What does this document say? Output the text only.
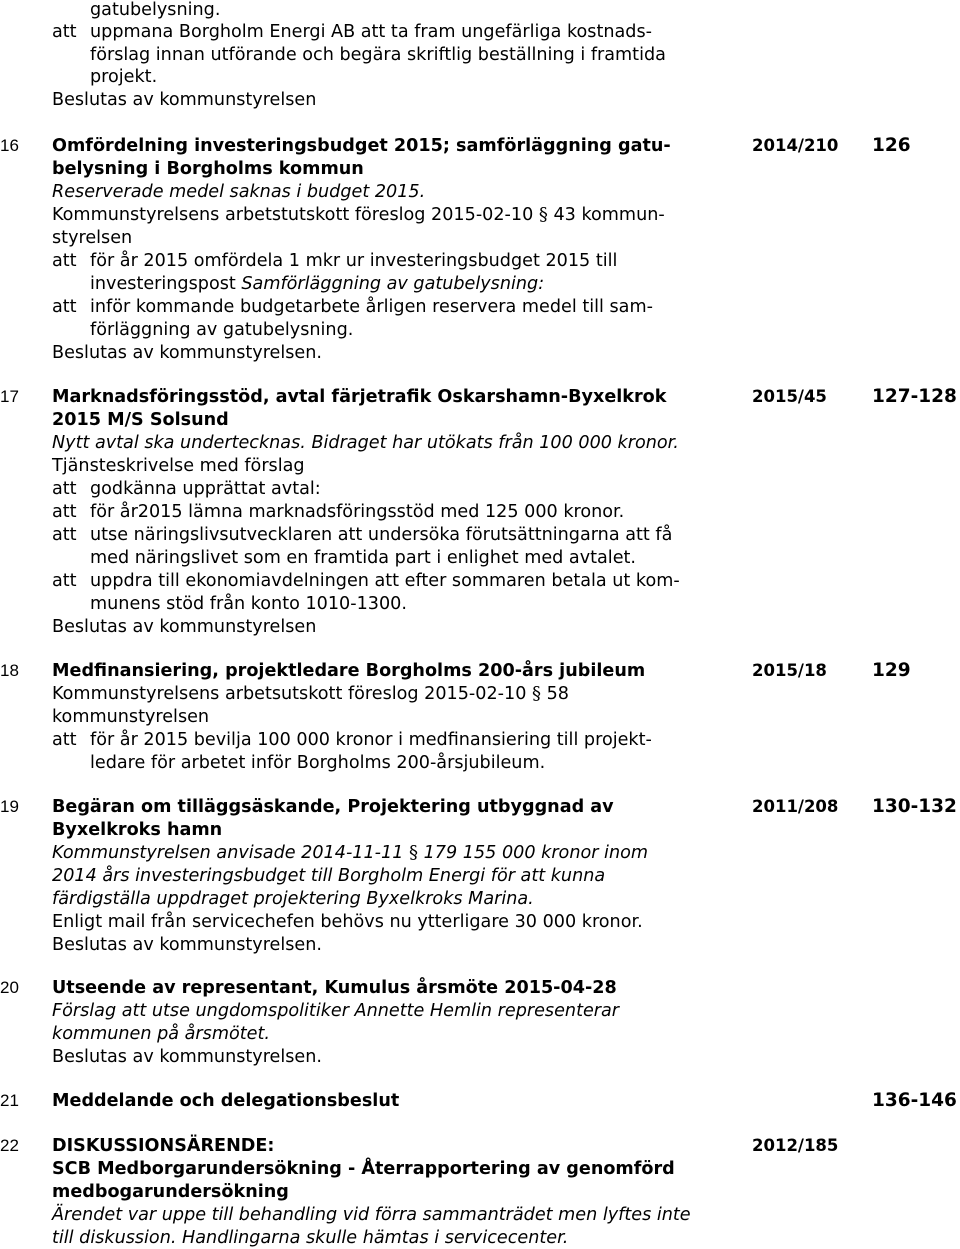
gatubelysning.
att uppmana Borgholm Energi AB att ta fram ungefärliga kostnads-
förslag innan utförande och begära skriftlig beställning i framtida
projekt.
Beslutas av kommunstyrelsen
16 Omfördelning investeringsbudget 2015; samförläggning gatu-
belysning i Borgholms kommun
2014/210 126
Reserverade medel saknas i budget 2015.
Kommunstyrelsens arbetstutskott föreslog 2015-02-10 § 43 kommun-
styrelsen
att för år 2015 omfördela 1 mkr ur investeringsbudget 2015 till
investeringspost Samförläggning av gatubelysning:
att inför kommande budgetarbete årligen reservera medel till sam-
förläggning av gatubelysning.
Beslutas av kommunstyrelsen.
17 Marknadsföringsstöd, avtal färjetrafik Oskarshamn-Byxelkrok
2015 M/S Solsund
2015/45 127-128
Nytt avtal ska undertecknas. Bidraget har utökats från 100 000 kronor.
Tjänsteskrivelse med förslag
att godkänna upprättat avtal:
att för år2015 lämna marknadsföringsstöd med 125 000 kronor.
att utse näringslivsutvecklaren att undersöka förutsättningarna att få
med näringslivet som en framtida part i enlighet med avtalet.
att uppdra till ekonomiavdelningen att efter sommaren betala ut kom-
munens stöd från konto 1010-1300.
Beslutas av kommunstyrelsen
18 Medfinansiering, projektledare Borgholms 200-års jubileum	2015/18 129
Kommunstyrelsens arbetsutskott föreslog 2015-02-10 § 58
kommunstyrelsen
att för år 2015 bevilja 100 000 kronor i medfinansiering till projekt-
ledare för arbetet inför Borgholms 200-årsjubileum.
19 Begäran om tilläggsäskande, Projektering utbyggnad av
Byxelkroks hamn
2011/208 130-132
Kommunstyrelsen anvisade 2014-11-11 § 179 155 000 kronor inom
2014 års investeringsbudget till Borgholm Energi för att kunna
färdigställa uppdraget projektering Byxelkroks Marina.
Enligt mail från servicechefen behövs nu ytterligare 30 000 kronor.
Beslutas av kommunstyrelsen.
20 Utseende av representant, Kumulus årsmöte 2015-04-28
Förslag att utse ungdomspolitiker Annette Hemlin representerar
kommunen på årsmötet.
Beslutas av kommunstyrelsen.
21 Meddelande och delegationsbeslut	136-146
22 DISKUSSIONSÄRENDE:
SCB Medborgarundersökning - Återrapportering av genomförd
medbogarundersökning
2012/185
Ärendet var uppe till behandling vid förra sammanträdet men lyftes inte
till diskussion. Handlingarna skulle hämtas i servicecenter.
